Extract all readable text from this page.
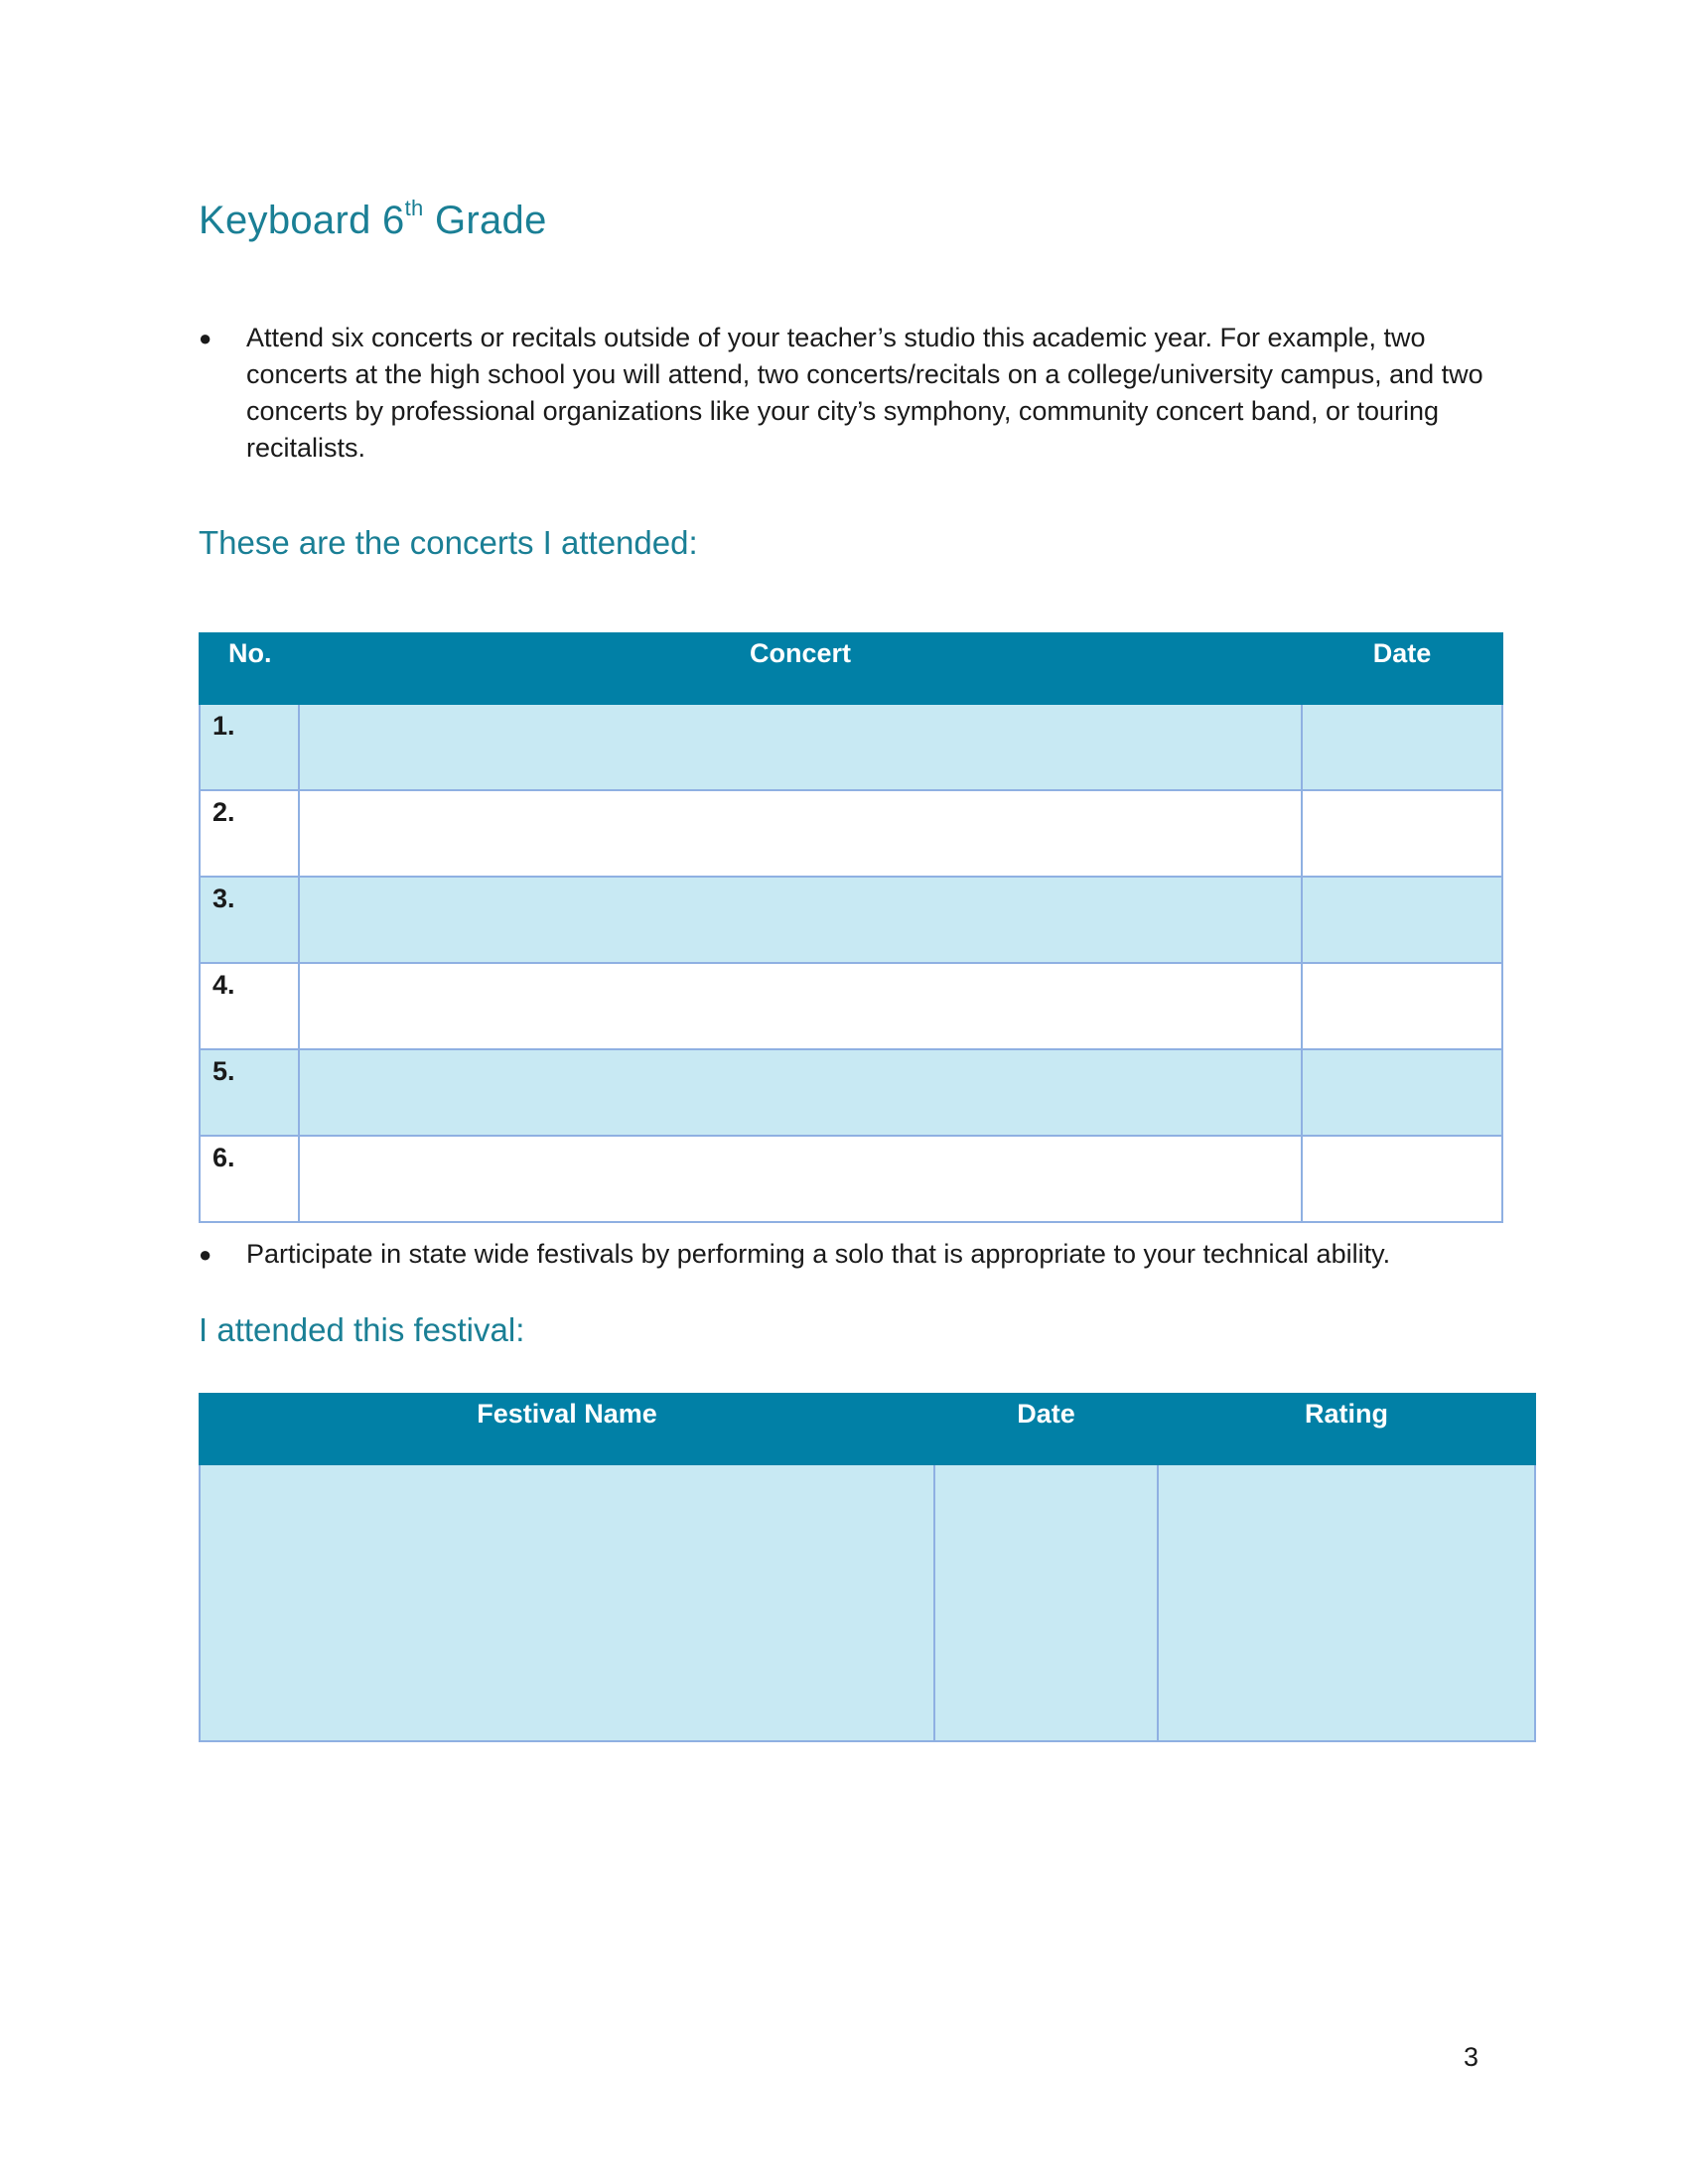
Keyboard 6th Grade
●	Attend six concerts or recitals outside of your teacher’s studio this academic year. For example, two concerts at the high school you will attend, two concerts/recitals on a college/university campus, and two concerts by professional organizations like your city’s symphony, community concert band, or touring recitalists.
These are the concerts I attended:
No.	Concert	Date
1.		
2.		
3.		
4.		
5.		
6.		
●	Participate in state wide festivals by performing a solo that is appropriate to your technical ability.
I attended this festival:
Festival Name	Date	Rating

3
